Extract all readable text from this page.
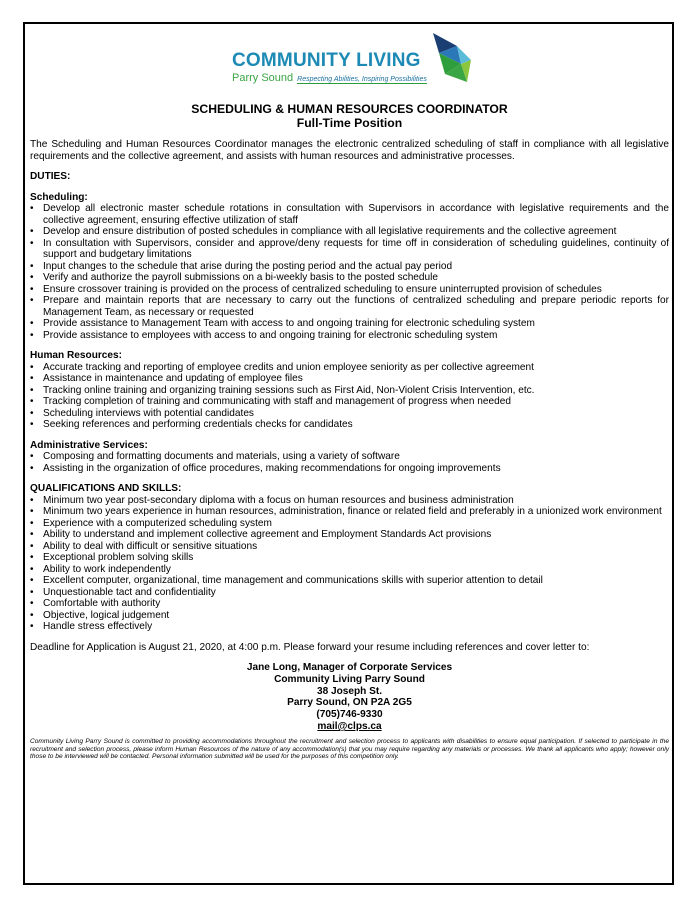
COMMUNITY LIVING
Parry Sound Respecting Abilities, Inspiring Possibilities
SCHEDULING & HUMAN RESOURCES COORDINATOR
Full-Time Position
The Scheduling and Human Resources Coordinator manages the electronic centralized scheduling of staff in compliance with all legislative requirements and the collective agreement, and assists with human resources and administrative processes.
DUTIES:
Scheduling:
• Develop all electronic master schedule rotations in consultation with Supervisors in accordance with legislative requirements and the collective agreement, ensuring effective utilization of staff
• Develop and ensure distribution of posted schedules in compliance with all legislative requirements and the collective agreement
• In consultation with Supervisors, consider and approve/deny requests for time off in consideration of scheduling guidelines, continuity of support and budgetary limitations
• Input changes to the schedule that arise during the posting period and the actual pay period
• Verify and authorize the payroll submissions on a bi-weekly basis to the posted schedule
• Ensure crossover training is provided on the process of centralized scheduling to ensure uninterrupted provision of schedules
• Prepare and maintain reports that are necessary to carry out the functions of centralized scheduling and prepare periodic reports for Management Team, as necessary or requested
• Provide assistance to Management Team with access to and ongoing training for electronic scheduling system
• Provide assistance to employees with access to and ongoing training for electronic scheduling system
Human Resources:
• Accurate tracking and reporting of employee credits and union employee seniority as per collective agreement
• Assistance in maintenance and updating of employee files
• Tracking online training and organizing training sessions such as First Aid, Non-Violent Crisis Intervention, etc.
• Tracking completion of training and communicating with staff and management of progress when needed
• Scheduling interviews with potential candidates
• Seeking references and performing credentials checks for candidates
Administrative Services:
• Composing and formatting documents and materials, using a variety of software
• Assisting in the organization of office procedures, making recommendations for ongoing improvements
QUALIFICATIONS AND SKILLS:
• Minimum two year post-secondary diploma with a focus on human resources and business administration
• Minimum two years experience in human resources, administration, finance or related field and preferably in a unionized work environment
• Experience with a computerized scheduling system
• Ability to understand and implement collective agreement and Employment Standards Act provisions
• Ability to deal with difficult or sensitive situations
• Exceptional problem solving skills
• Ability to work independently
• Excellent computer, organizational, time management and communications skills with superior attention to detail
• Unquestionable tact and confidentiality
• Comfortable with authority
• Objective, logical judgement
• Handle stress effectively
Deadline for Application is August 21, 2020, at 4:00 p.m. Please forward your resume including references and cover letter to:
Jane Long, Manager of Corporate Services
Community Living Parry Sound
38 Joseph St.
Parry Sound, ON P2A 2G5
(705)746-9330
mail@clps.ca
Community Living Parry Sound is committed to providing accommodations throughout the recruitment and selection process to applicants with disabilities to ensure equal participation. If selected to participate in the recruitment and selection process, please inform Human Resources of the nature of any accommodation(s) that you may require regarding any materials or processes. We thank all applicants who apply; however only those to be interviewed will be contacted. Personal information submitted will be used for the purposes of this competition only.
